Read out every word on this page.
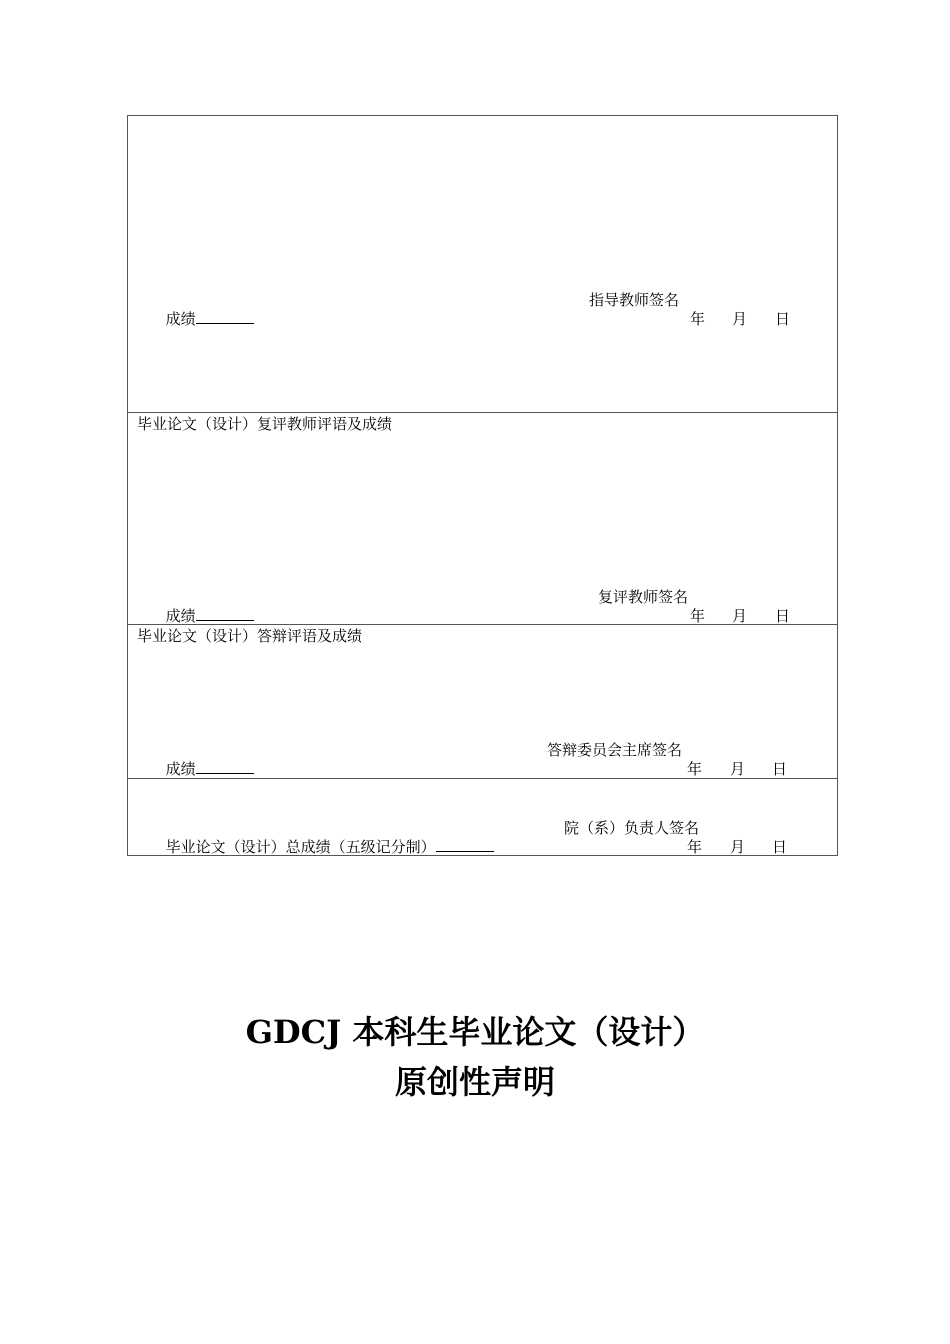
成绩

指导教师签名
年 月 日
毕业论文（设计）复评教师评语及成绩

成绩

复评教师签名
年 月 日
毕业论文（设计）答辩评语及成绩

成绩

答辩委员会主席签名
年 月 日

毕业论文（设计）总成绩（五级记分制）

院（系）负责人签名
年 月 日
GDCJ 本科生毕业论文（设计）
原创性声明
